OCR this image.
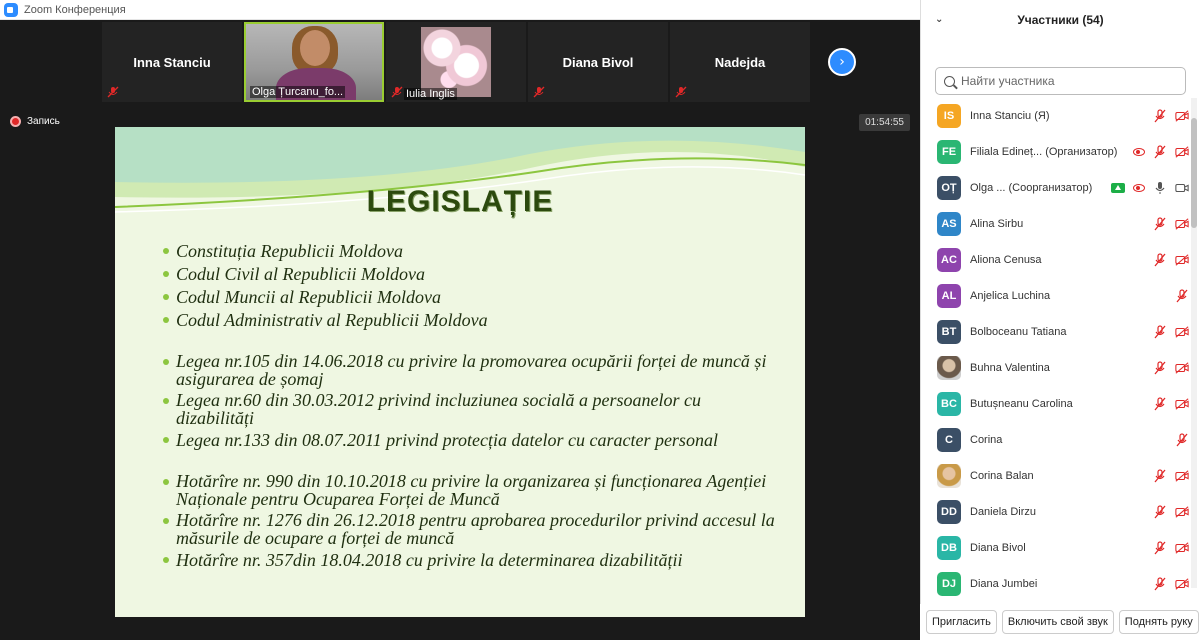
Zoom Конференция
Inna Stanciu
Olga Țurcanu_fo...	Iulia Inglis
Diana Bivol	Nadejda	›
Запись	01:54:55
LEGISLAȚIE
Constituția Republicii Moldova
Codul Civil al Republicii Moldova
Codul Muncii al Republicii Moldova
Codul Administrativ al Republicii Moldova
Legea nr.105 din 14.06.2018 cu privire la promovarea ocupării forței de muncă și asigurarea de șomaj
Legea nr.60 din 30.03.2012 privind incluziunea socială a persoanelor cu dizabilități
Legea nr.133 din 08.07.2011 privind protecția datelor cu caracter personal
Hotărîre nr. 990 din 10.10.2018 cu privire la organizarea și funcționarea Agenției Naționale pentru Ocuparea Forței de Muncă
Hotărîre nr. 1276 din 26.12.2018 pentru aprobarea procedurilor privind accesul la măsurile de ocupare a forței de muncă
Hotărîre nr. 357din 18.04.2018 cu privire la determinarea dizabilității
⌄	Участники (54)
Найти участника
IS	Inna Stanciu (Я)
FE	Filiala Edineț... (Организатор)
OȚ	Olga ... (Соорганизатор)
AS	Alina Sirbu
AC	Aliona Cenusa
AL	Anjelica Luchina
BT	Bolboceanu Tatiana
Buhna Valentina
BC	Butușneanu Carolina
C	Corina
Corina Balan
DD	Daniela Dirzu
DB	Diana Bivol
DJ	Diana Jumbei
Пригласить	Включить свой звук	Поднять руку
